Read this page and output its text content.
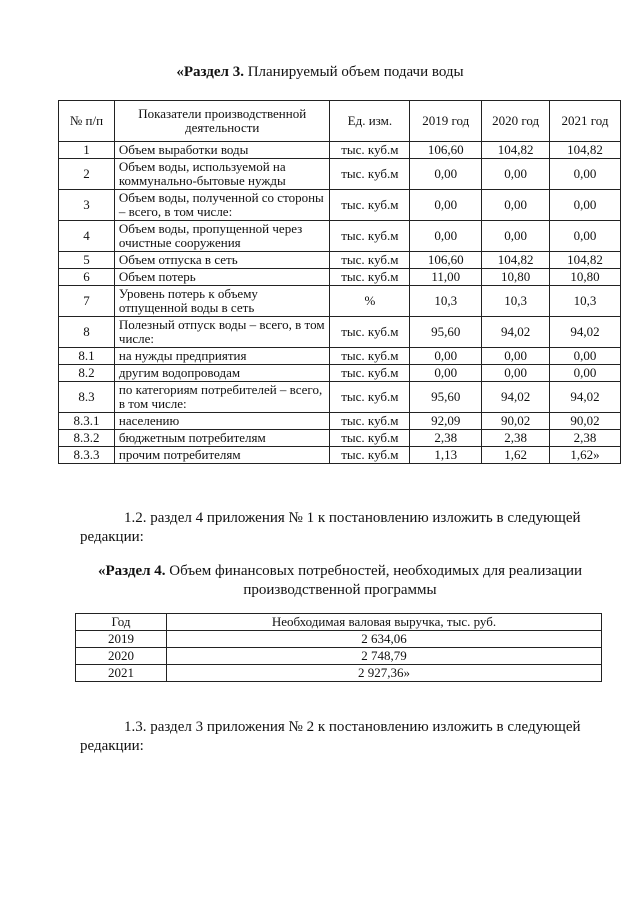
«Раздел 3. Планируемый объем подачи воды
№ п/п	Показатели производственной деятельности	Ед. изм.	2019 год	2020 год	2021 год
1	Объем выработки воды	тыс. куб.м	106,60	104,82	104,82
2	Объем воды, используемой на коммунально-бытовые нужды	тыс. куб.м	0,00	0,00	0,00
3	Объем воды, полученной со стороны – всего, в том числе:	тыс. куб.м	0,00	0,00	0,00
4	Объем воды, пропущенной через очистные сооружения	тыс. куб.м	0,00	0,00	0,00
5	Объем отпуска в сеть	тыс. куб.м	106,60	104,82	104,82
6	Объем потерь	тыс. куб.м	11,00	10,80	10,80
7	Уровень потерь к объему отпущенной воды в сеть	%	10,3	10,3	10,3
8	Полезный отпуск воды – всего, в том числе:	тыс. куб.м	95,60	94,02	94,02
8.1	на нужды предприятия	тыс. куб.м	0,00	0,00	0,00
8.2	другим водопроводам	тыс. куб.м	0,00	0,00	0,00
8.3	по категориям потребителей – всего, в том числе:	тыс. куб.м	95,60	94,02	94,02
8.3.1	населению	тыс. куб.м	92,09	90,02	90,02
8.3.2	бюджетным потребителям	тыс. куб.м	2,38	2,38	2,38
8.3.3	прочим потребителям	тыс. куб.м	1,13	1,62	1,62»
1.2. раздел 4 приложения № 1 к постановлению изложить в следующей
редакции:
«Раздел 4. Объем финансовых потребностей, необходимых для реализации
производственной программы
Год	Необходимая валовая выручка, тыс. руб.
2019	2 634,06
2020	2 748,79
2021	2 927,36»
1.3. раздел 3 приложения № 2 к постановлению изложить в следующей
редакции:
